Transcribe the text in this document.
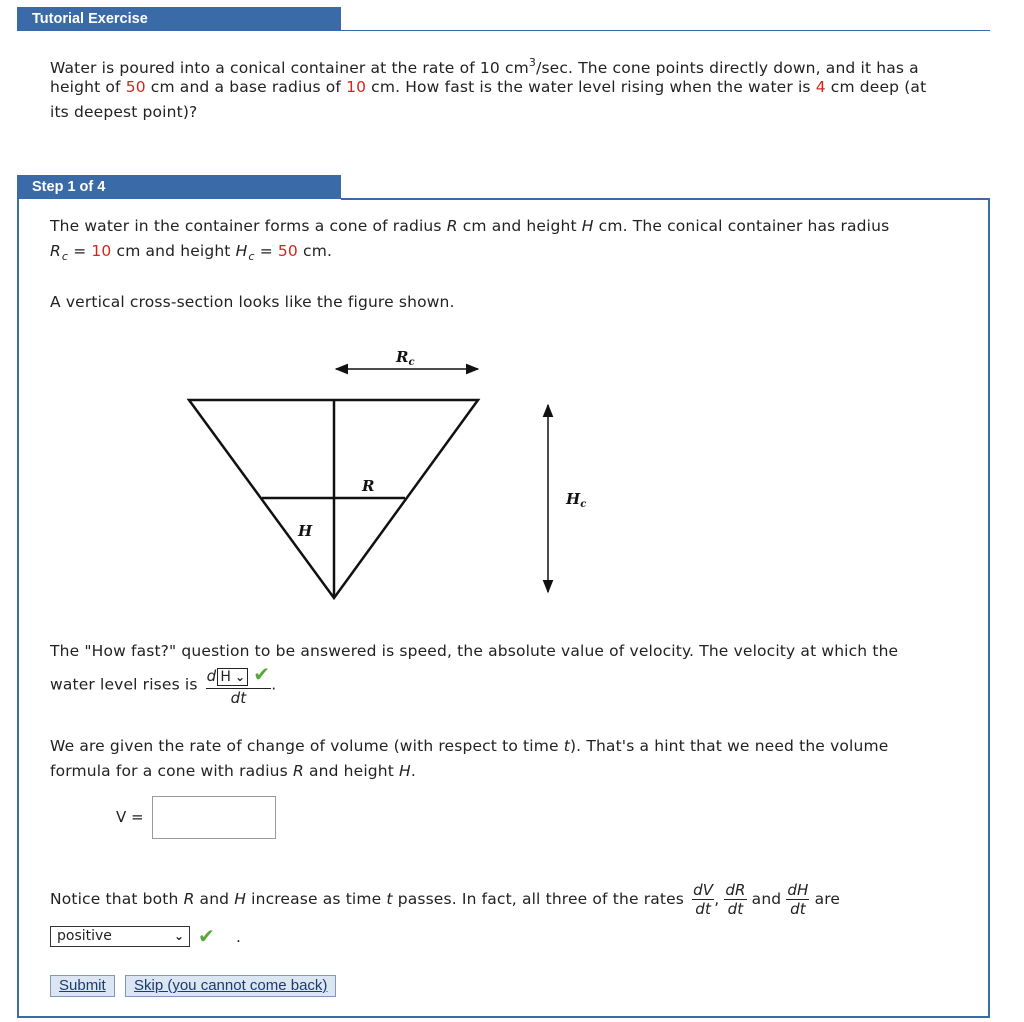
Tutorial Exercise
Water is poured into a conical container at the rate of 10 $cm^3/\sec$. The cone points directly down, and it has a
height of 50 cm and a base radius of 10 cm. How fast is the water level rising when the water is 4 cm deep (at
its deepest point)?
Step 1 of 4
The water in the container forms a cone of radius R cm and height H cm. The conical container has radius
$R_c = 10$ cm and height $H_c = 50$ cm.
A vertical cross-section looks like the figure shown.
$R_c$
R
H
$H_c$
The "How fast?" question to be answered is speed, the absolute value of velocity. The velocity at which the
water level rises is $\frac{\text{d H ⌄ ✔}}{dt}$ .
We are given the rate of change of volume (with respect to time t). That's a hint that we need the volume
formula for a cone with radius R and height H.
V =
Notice that both R and H increase as time t passes. In fact, all three of the rates $\frac{dV}{dt}$ , $\frac{dR}{dt}$ and $\frac{dH}{dt}$ are
positive	⌄ ✔ .
Submit	Skip (you cannot come back)
